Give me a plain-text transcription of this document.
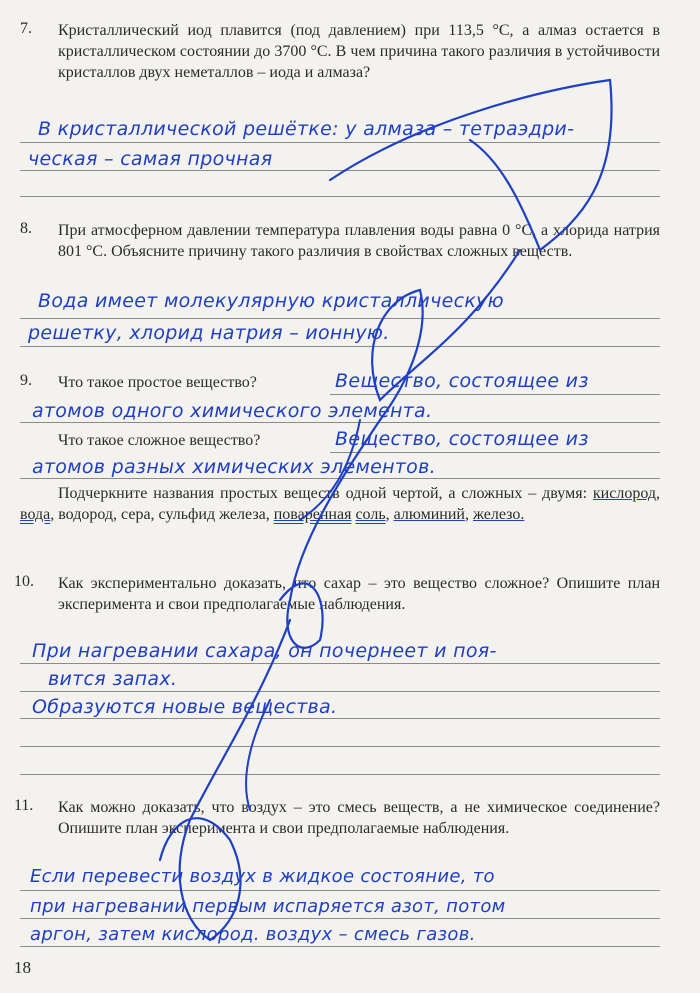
7. Кристаллический иод плавится (под давлением) при 113,5 °С, а алмаз остается в кристаллическом состоянии до 3700 °С. В чем причина такого различия в устойчивости кристаллов двух неметаллов – иода и алмаза?
В кристаллической решётке: у алмаза – тетраэдри-
ческая – самая прочная
8. При атмосферном давлении температура плавления воды равна 0 °С, а хлорида натрия 801 °С. Объясните причину такого различия в свойствах сложных веществ.
Вода имеет молекулярную кристаллическую
решетку, хлорид натрия – ионную.
9. Что такое простое вещество?	Вещество, состоящее из
атомов одного химического элемента.
Что такое сложное вещество?	Вещество, состоящее из
атомов разных химических элементов.
Подчеркните названия простых веществ одной чертой, а сложных – двумя: кислород, вода, водород, сера, сульфид железа, поваренная соль, алюминий, железо.
10. Как экспериментально доказать, что сахар – это вещество сложное? Опишите план эксперимента и свои предполагаемые наблюдения.
При нагревании сахара, он почернеет и поя-
вится запах.
Образуются новые вещества.
11. Как можно доказать, что воздух – это смесь веществ, а не химическое соединение? Опишите план эксперимента и свои предполагаемые наблюдения.
Если перевести воздух в жидкое состояние, то
при нагревании первым испаряется азот, потом
аргон, затем кислород. воздух – смесь газов.
18
